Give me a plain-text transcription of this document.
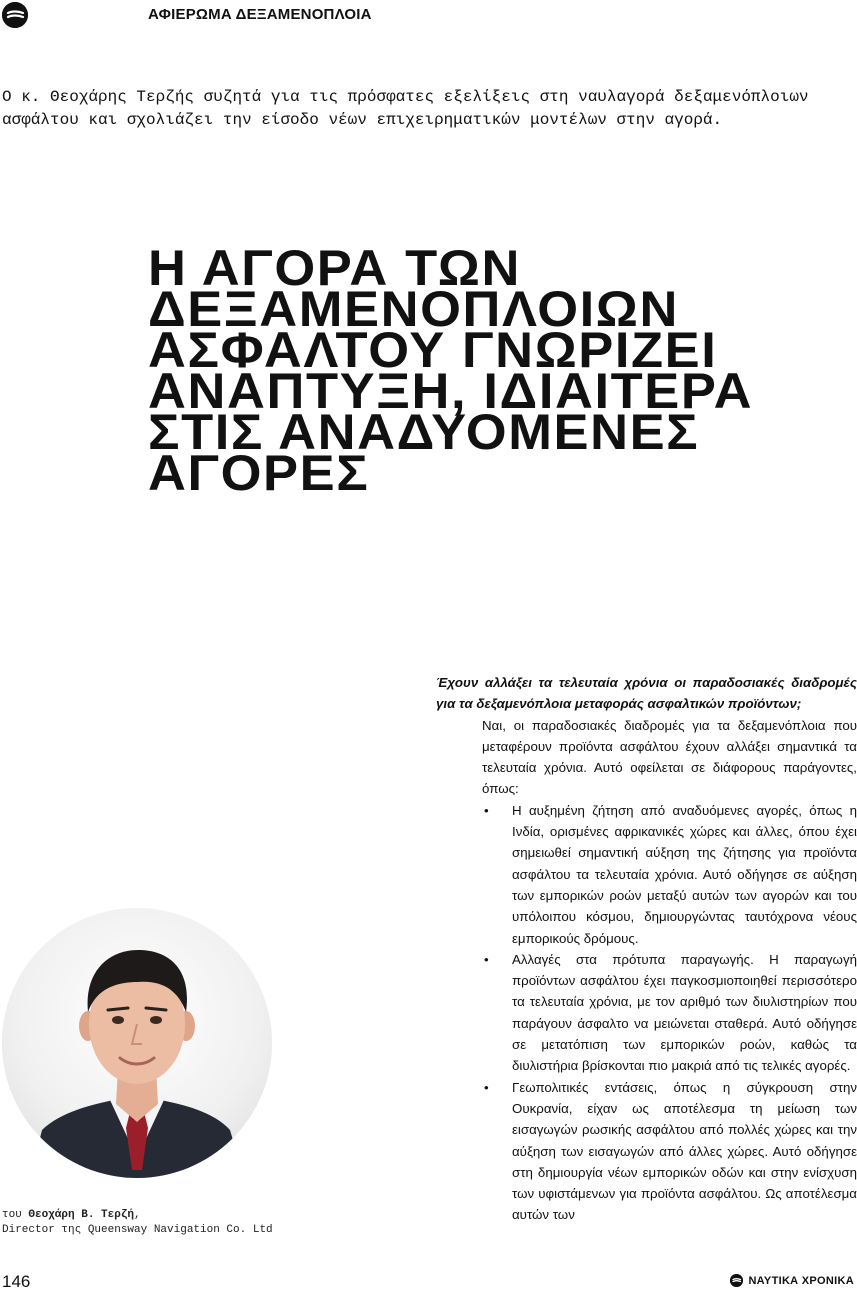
ΑΦΙΕΡΩΜΑ ΔΕΞΑΜΕΝΟΠΛΟΙΑ

Ο κ. Θεοχάρης Τερζής συζητά για τις πρόσφατες εξελίξεις στη ναυλαγορά δεξαμενόπλοιων ασφάλτου και σχολιάζει την είσοδο νέων επιχειρηματικών μοντέλων στην αγορά.

Η ΑΓΟΡΑ ΤΩΝ
ΔΕΞΑΜΕΝΟΠΛΟΙΩΝ
ΑΣΦΑΛΤΟΥ ΓΝΩΡΙΖΕΙ
ΑΝΑΠΤΥΞΗ, ΙΔΙΑΙΤΕΡΑ
ΣΤΙΣ ΑΝΑΔΥΟΜΕΝΕΣ
ΑΓΟΡΕΣ
του Θεοχάρη Β. Τερζή,
Director της Queensway Navigation Co. Ltd

Έχουν αλλάξει τα τελευταία χρόνια οι παραδοσιακές διαδρομές για τα δεξαμενόπλοια μεταφοράς ασφαλτικών προϊόντων;

Ναι, οι παραδοσιακές διαδρομές για τα δεξαμενόπλοια που μεταφέρουν προϊόντα ασφάλτου έχουν αλλάξει σημαντικά τα τελευταία χρόνια. Αυτό οφείλεται σε διάφορους παράγοντες, όπως:

• Η αυξημένη ζήτηση από αναδυόμενες αγορές, όπως η Ινδία, ορισμένες αφρικανικές χώρες και άλλες, όπου έχει σημειωθεί σημαντική αύξηση της ζήτησης για προϊόντα ασφάλτου τα τελευταία χρόνια. Αυτό οδήγησε σε αύξηση των εμπορικών ροών μεταξύ αυτών των αγορών και του υπόλοιπου κόσμου, δημιουργώντας ταυτόχρονα νέους εμπορικούς δρόμους.
• Αλλαγές στα πρότυπα παραγωγής. Η παραγωγή προϊόντων ασφάλτου έχει παγκοσμιοποιηθεί περισσότερο τα τελευταία χρόνια, με τον αριθμό των διυλιστηρίων που παράγουν άσφαλτο να μειώνεται σταθερά. Αυτό οδήγησε σε μετατόπιση των εμπορικών ροών, καθώς τα διυλιστήρια βρίσκονται πιο μακριά από τις τελικές αγορές.
• Γεωπολιτικές εντάσεις, όπως η σύγκρουση στην Ουκρανία, είχαν ως αποτέλεσμα τη μείωση των εισαγωγών ρωσικής ασφάλτου από πολλές χώρες και την αύξηση των εισαγωγών από άλλες χώρες. Αυτό οδήγησε στη δημιουργία νέων εμπορικών οδών και στην ενίσχυση των υφιστάμενων για προϊόντα ασφάλτου. Ως αποτέλεσμα αυτών των
146	ΝΑΥΤΙΚΑ ΧΡΟΝΙΚΑ
